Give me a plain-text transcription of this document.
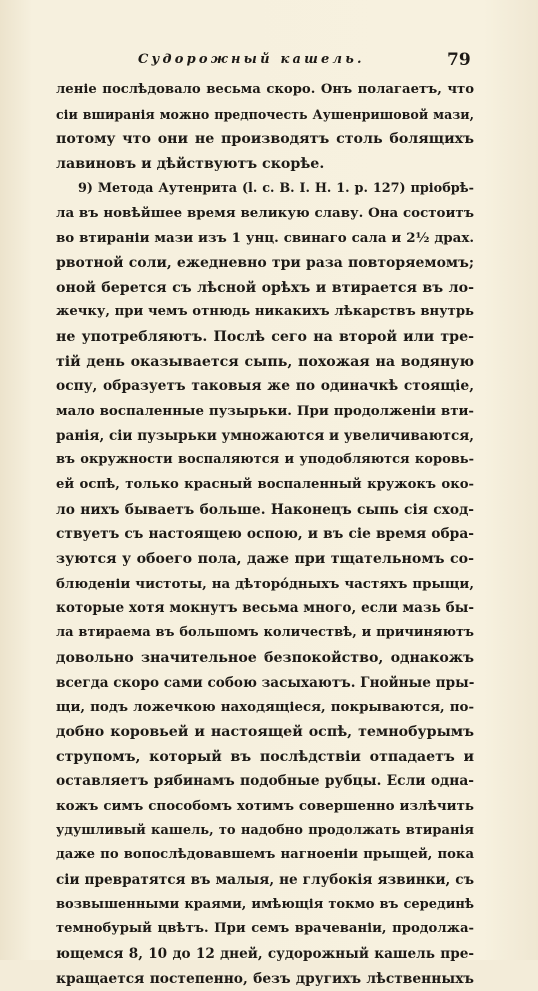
Судорожный кашель.	79
леніе послѣдовало весьма скоро. Онъ полагаетъ, что
сіи вширанія можно предпочесть Аушенришовой мази,
потому что они не производятъ столь болящихъ
лавиновъ и дѣйствуютъ скорѣе.
9) Метода Аутенрита (l. c. B. I. H. 1. p. 127) пріобрѣ-
ла въ новѣйшее время великую славу. Она состоитъ
во втираніи мази изъ 1 унц. свинаго сала и 2½ драх.
рвотной соли, ежедневно три раза повторяемомъ;
оной берется съ лѣсной орѣхъ и втирается въ ло-
жечку, при чемъ отнюдь никакихъ лѣкарствъ внутрь
не употребляютъ. Послѣ сего на второй или тре-
тій день оказывается сыпь, похожая на водяную
оспу, образуетъ таковыя же по одиначкѣ стоящіе,
мало воспаленные пузырьки. При продолженіи вти-
ранія, сіи пузырьки умножаются и увеличиваются,
въ окружности воспаляются и уподобляются коровь-
ей оспѣ, только красный воспаленный кружокъ око-
ло нихъ бываетъ больше. Наконецъ сыпь сія сход-
ствуетъ съ настоящею оспою, и въ сіе время обра-
зуются у обоего пола, даже при тщательномъ со-
блюденіи чистоты, на дѣторо́дныхъ частяхъ прыщи,
которые хотя мокнутъ весьма много, если мазь бы-
ла втираема въ большомъ количествѣ, и причиняютъ
довольно значительное безпокойство, однакожъ
всегда скоро сами собою засыхаютъ. Гнойные пры-
щи, подъ ложечкою находящіеся, покрываются, по-
добно коровьей и настоящей оспѣ, темнобурымъ
струпомъ, который въ послѣдствіи отпадаетъ и
оставляетъ рябинамъ подобные рубцы. Если одна-
кожъ симъ способомъ хотимъ совершенно излѣчить
удушливый кашель, то надобно продолжать втиранія
даже по вопослѣдовавшемъ нагноеніи прыщей, пока
сіи превратятся въ малыя, не глубокія язвинки, съ
возвышенными краями, имѣющія токмо въ серединѣ
темнобурый цвѣтъ. При семъ врачеваніи, продолжа-
ющемся 8, 10 до 12 дней, судорожный кашель пре-
кращается постепенно, безъ другихъ лѣственныхъ
